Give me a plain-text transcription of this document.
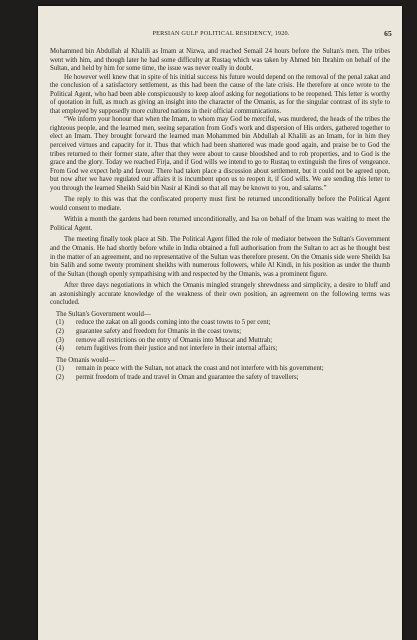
PERSIAN GULF POLITICAL RESIDENCY, 1920.	65

Mohammed bin Abdullah al Khalili as Imam at Nizwa, and reached Semail 24 hours before the Sultan's men. The tribes went with him, and though later he had some difficulty at Rustaq which was taken by Ahmed bin Ibrahim on behalf of the Sultan, and held by him for some time, the issue was never really in doubt.

He however well knew that in spite of his initial success his future would depend on the removal of the penal zakat and the conclusion of a satisfactory settlement, as this had been the cause of the late crisis. He therefore at once wrote to the Political Agent, who had been able conspicuously to keep aloof asking for negotiations to be reopened. This letter is worthy of quotation in full, as much as giving an insight into the character of the Omanis, as for the singular contrast of its style to that employed by supposedly more cultured nations in their official communications.

“We inform your honour that when the Imam, to whom may God be merciful, was murdered, the heads of the tribes the righteous people, and the learned men, seeing separation from God's work and dispersion of His orders, gathered together to elect an Imam. They brought forward the learned man Mohammed bin Abdullah al Khalili as an Imam, for in him they perceived virtues and capacity for it. Thus that which had been shattered was made good again, and praise be to God the tribes returned to their former state, after that they were about to cause bloodshed and to rob properties, and to God is the grace and the glory. Today we reached Firja, and if God wills we intend to go to Rustaq to extinguish the fires of vengeance. From God we expect help and favour. There had taken place a discussion about settlement, but it could not be agreed upon, but now after we have regulated our affairs it is incumbent upon us to reopen it, if God wills. We are sending this letter to you through the learned Sheikh Said bin Nasir al Kindi so that all may be known to you, and salams.”

The reply to this was that the confiscated property must first be returned unconditionally before the Political Agent would consent to mediate.

Within a month the gardens had been returned unconditionally, and Isa on behalf of the Imam was waiting to meet the Political Agent.

The meeting finally took place at Sib. The Political Agent filled the role of mediator between the Sultan's Government and the Omanis. He had shortly before while in India obtained a full authorisation from the Sultan to act as he thought best in the matter of an agreement, and no representative of the Sultan was therefore present. On the Omanis side were Sheikh Isa bin Salih and some twenty prominent sheikhs with numerous followers, while Al Kindi, in his position as under the thumb of the Sultan (though openly sympathising with and respected by the Omanis, was a prominent figure.

After three days negotiations in which the Omanis mingled strangely shrewdness and simplicity, a desire to bluff and an astonishingly accurate knowledge of the weakness of their own position, an agreement on the following terms was concluded.

The Sultan's Government would—

(1)	reduce the zakat on all goods coming into the coast towns to 5 per cent;
(2)	guarantee safety and freedom for Omanis in the coast towns;
(3)	remove all restrictions on the entry of Omanis into Muscat and Muttrah;
(4)	return fugitives from their justice and not interfere in their internal affairs;

The Omanis would—

(1)	remain in peace with the Sultan, not attack the coast and not interfere with his government;
(2)	permit freedom of trade and travel in Oman and guarantee the safety of travellers;
